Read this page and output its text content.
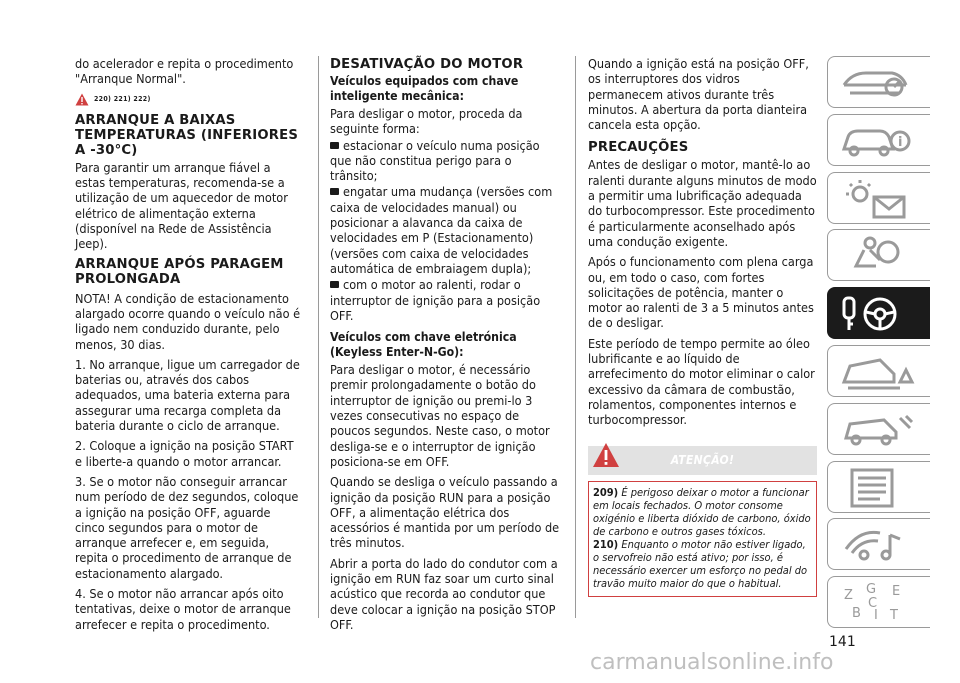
do acelerador e repita o procedimento "Arranque Normal".

220) 221) 222)
ARRANQUE A BAIXAS TEMPERATURAS (INFERIORES A -30°C)

Para garantir um arranque fiável a estas temperaturas, recomenda-se a utilização de um aquecedor de motor elétrico de alimentação externa (disponível na Rede de Assistência Jeep).

ARRANQUE APÓS PARAGEM PROLONGADA

NOTA! A condição de estacionamento alargado ocorre quando o veículo não é ligado nem conduzido durante, pelo menos, 30 dias.

1. No arranque, ligue um carregador de baterias ou, através dos cabos adequados, uma bateria externa para assegurar uma recarga completa da bateria durante o ciclo de arranque.

2. Coloque a ignição na posição START e liberte-a quando o motor arrancar.

3. Se o motor não conseguir arrancar num período de dez segundos, coloque a ignição na posição OFF, aguarde cinco segundos para o motor de arranque arrefecer e, em seguida, repita o procedimento de arranque de estacionamento alargado.

4. Se o motor não arrancar após oito tentativas, deixe o motor de arranque arrefecer e repita o procedimento.

DESATIVAÇÃO DO MOTOR
Veículos equipados com chave inteligente mecânica:

Para desligar o motor, proceda da seguinte forma:

estacionar o veículo numa posição que não constitua perigo para o trânsito;

engatar uma mudança (versões com caixa de velocidades manual) ou posicionar a alavanca da caixa de velocidades em P (Estacionamento) (versões com caixa de velocidades automática de embraiagem dupla);

com o motor ao ralenti, rodar o interruptor de ignição para a posição OFF.

Veículos com chave eletrónica (Keyless Enter-N-Go):

Para desligar o motor, é necessário premir prolongadamente o botão do interruptor de ignição ou premi-lo 3 vezes consecutivas no espaço de poucos segundos. Neste caso, o motor desliga-se e o interruptor de ignição posiciona-se em OFF.

Quando se desliga o veículo passando a ignição da posição RUN para a posição OFF, a alimentação elétrica dos acessórios é mantida por um período de três minutos.

Abrir a porta do lado do condutor com a ignição em RUN faz soar um curto sinal acústico que recorda ao condutor que deve colocar a ignição na posição STOP OFF.

Quando a ignição está na posição OFF, os interruptores dos vidros permanecem ativos durante três minutos. A abertura da porta dianteira cancela esta opção.

PRECAUÇÕES

Antes de desligar o motor, mantê-lo ao ralenti durante alguns minutos de modo a permitir uma lubrificação adequada do turbocompressor. Este procedimento é particularmente aconselhado após uma condução exigente.

Após o funcionamento com plena carga ou, em todo o caso, com fortes solicitações de potência, manter o motor ao ralenti de 3 a 5 minutos antes de o desligar.

Este período de tempo permite ao óleo lubrificante e ao líquido de arrefecimento do motor eliminar o calor excessivo da câmara de combustão, rolamentos, componentes internos e turbocompressor.

ATENÇÃO!

209) É perigoso deixar o motor a funcionar em locais fechados. O motor consome oxigénio e liberta dióxido de carbono, óxido de carbono e outros gases tóxicos.

210) Enquanto o motor não estiver ligado, o servofreio não está ativo; por isso, é necessário exercer um esforço no pedal do travão muito maior do que o habitual.

i
Z G E
B I T
C
141
carmanualsonline.info
